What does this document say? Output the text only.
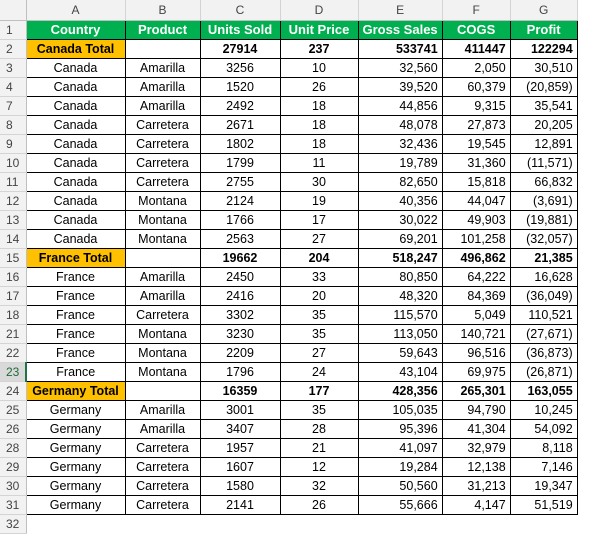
	A	B	C	D	E	F	G
1	Country	Product	Units Sold	Unit Price	Gross Sales	COGS	Profit
2	Canada Total		27914	237	533741	411447	122294
3	Canada	Amarilla	3256	10	32,560	2,050	30,510
4	Canada	Amarilla	1520	26	39,520	60,379	(20,859)
7	Canada	Amarilla	2492	18	44,856	9,315	35,541
8	Canada	Carretera	2671	18	48,078	27,873	20,205
9	Canada	Carretera	1802	18	32,436	19,545	12,891
10	Canada	Carretera	1799	11	19,789	31,360	(11,571)
11	Canada	Carretera	2755	30	82,650	15,818	66,832
12	Canada	Montana	2124	19	40,356	44,047	(3,691)
13	Canada	Montana	1766	17	30,022	49,903	(19,881)
14	Canada	Montana	2563	27	69,201	101,258	(32,057)
15	France Total		19662	204	518,247	496,862	21,385
16	France	Amarilla	2450	33	80,850	64,222	16,628
17	France	Amarilla	2416	20	48,320	84,369	(36,049)
18	France	Carretera	3302	35	115,570	5,049	110,521
21	France	Montana	3230	35	113,050	140,721	(27,671)
22	France	Montana	2209	27	59,643	96,516	(36,873)
23	France	Montana	1796	24	43,104	69,975	(26,871)
24	Germany Total		16359	177	428,356	265,301	163,055
25	Germany	Amarilla	3001	35	105,035	94,790	10,245
26	Germany	Amarilla	3407	28	95,396	41,304	54,092
28	Germany	Carretera	1957	21	41,097	32,979	8,118
29	Germany	Carretera	1607	12	19,284	12,138	7,146
30	Germany	Carretera	1580	32	50,560	31,213	19,347
31	Germany	Carretera	2141	26	55,666	4,147	51,519
32							
